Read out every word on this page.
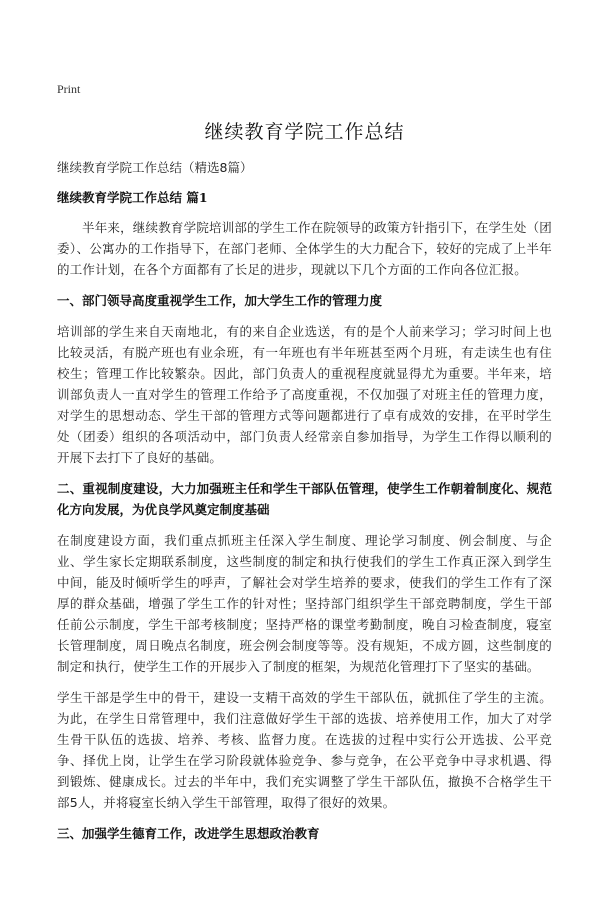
Print
继续教育学院工作总结
继续教育学院工作总结（精选8篇）
继续教育学院工作总结 篇1

半年来，继续教育学院培训部的学生工作在院领导的政策方针指引下，在学生处（团委）、公寓办的工作指导下，在部门老师、全体学生的大力配合下，较好的完成了上半年的工作计划，在各个方面都有了长足的进步，现就以下几个方面的工作向各位汇报。

一、部门领导高度重视学生工作，加大学生工作的管理力度

培训部的学生来自天南地北，有的来自企业选送，有的是个人前来学习；学习时间上也比较灵活，有脱产班也有业余班，有一年班也有半年班甚至两个月班，有走读生也有住校生；管理工作比较繁杂。因此，部门负责人的重视程度就显得尤为重要。半年来，培训部负责人一直对学生的管理工作给予了高度重视，不仅加强了对班主任的管理力度，对学生的思想动态、学生干部的管理方式等问题都进行了卓有成效的安排，在平时学生处（团委）组织的各项活动中，部门负责人经常亲自参加指导，为学生工作得以顺利的开展下去打下了良好的基础。

二、重视制度建设，大力加强班主任和学生干部队伍管理，使学生工作朝着制度化、规范化方向发展，为优良学风奠定制度基础

在制度建设方面，我们重点抓班主任深入学生制度、理论学习制度、例会制度、与企业、学生家长定期联系制度，这些制度的制定和执行使我们的学生工作真正深入到学生中间，能及时倾听学生的呼声，了解社会对学生培养的要求，使我们的学生工作有了深厚的群众基础，增强了学生工作的针对性；坚持部门组织学生干部竞聘制度，学生干部任前公示制度，学生干部考核制度；坚持严格的课堂考勤制度，晚自习检查制度，寝室长管理制度，周日晚点名制度，班会例会制度等等。没有规矩，不成方圆，这些制度的制定和执行，使学生工作的开展步入了制度的框架，为规范化管理打下了坚实的基础。

学生干部是学生中的骨干，建设一支精干高效的学生干部队伍，就抓住了学生的主流。为此，在学生日常管理中，我们注意做好学生干部的选拔、培养使用工作，加大了对学生骨干队伍的选拔、培养、考核、监督力度。在选拔的过程中实行公开选拔、公平竞争、择优上岗，让学生在学习阶段就体验竞争、参与竞争，在公平竞争中寻求机遇、得到锻炼、健康成长。过去的半年中，我们充实调整了学生干部队伍，撤换不合格学生干部5人，并将寝室长纳入学生干部管理，取得了很好的效果。

三、加强学生德育工作，改进学生思想政治教育
